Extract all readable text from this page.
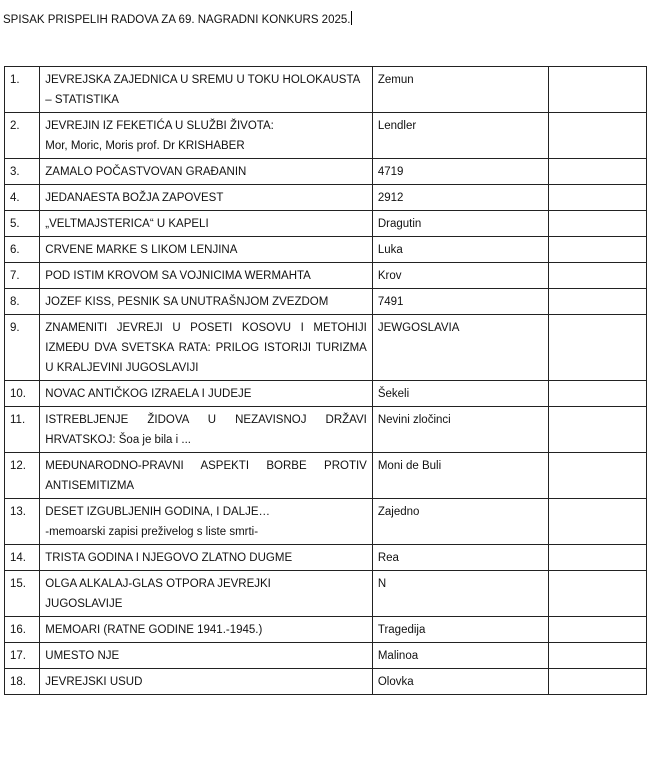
SPISAK PRISPELIH RADOVA ZA 69. NAGRADNI KONKURS 2025.
1.	JEVREJSKA ZAJEDNICA U SREMU U TOKU HOLOKAUSTA
– STATISTIKA	Zemun	
2.	JEVREJIN IZ FEKETIĆA U SLUŽBI ŽIVOTA:
Mor, Moric, Moris prof. Dr KRISHABER	Lendler	
3.	ZAMALO POČASTVOVAN GRAĐANIN	4719	
4.	JEDANAESTA BOŽJA ZAPOVEST	2912	
5.	„VELTMAJSTERICA“ U KAPELI	Dragutin	
6.	CRVENE MARKE S LIKOM LENJINA	Luka	
7.	POD ISTIM KROVOM SA VOJNICIMA WERMAHTA	Krov	
8.	JOZEF KISS, PESNIK SA UNUTRAŠNJOM ZVEZDOM	7491	
9.	ZNAMENITI JEVREJI U POSETI KOSOVU I METOHIJI
IZMEĐU DVA SVETSKA RATA: PRILOG ISTORIJI TURIZMA
U KRALJEVINI JUGOSLAVIJI	JEWGOSLAVIA	
10.	NOVAC ANTIČKOG IZRAELA I JUDEJE	Šekeli	
11.	ISTREBLJENJE ŽIDOVA U NEZAVISNOJ DRŽAVI
HRVATSKOJ: Šoa je bila i ...	Nevini zločinci	
12.	MEĐUNARODNO-PRAVNI ASPEKTI BORBE PROTIV
ANTISEMITIZMA	Moni de Buli	
13.	DESET IZGUBLJENIH GODINA, I DALJE…
-memoarski zapisi preživelog s liste smrti-	Zajedno	
14.	TRISTA GODINA I NJEGOVO ZLATNO DUGME	Rea	
15.	OLGA ALKALAJ-GLAS OTPORA JEVREJKI
JUGOSLAVIJE	N	
16.	MEMOARI (RATNE GODINE 1941.-1945.)	Tragedija	
17.	UMESTO NJE	Malinoa	
18.	JEVREJSKI USUD	Olovka	
